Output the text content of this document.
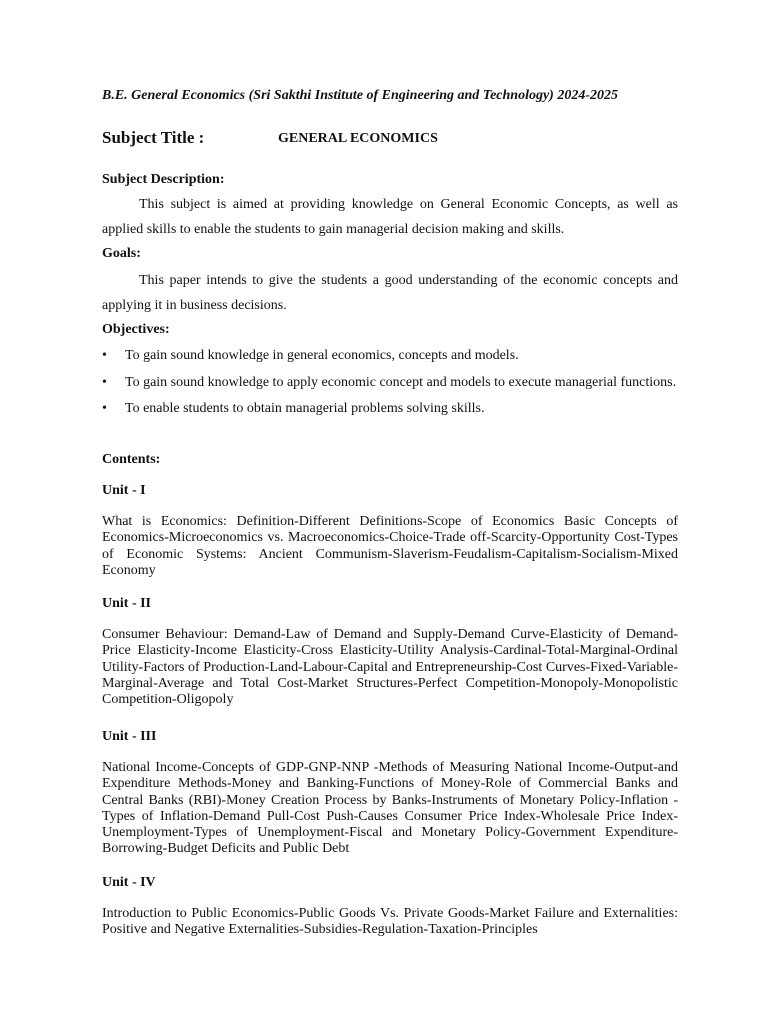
B.E. General Economics (Sri Sakthi Institute of Engineering and Technology) 2024-2025
Subject Title :	GENERAL ECONOMICS
Subject Description:
This subject is aimed at providing knowledge on General Economic Concepts, as well as applied skills to enable the students to gain managerial decision making and skills.
Goals:
This paper intends to give the students a good understanding of the economic concepts and applying it in business decisions.
Objectives:
• To gain sound knowledge in general economics, concepts and models.
• To gain sound knowledge to apply economic concept and models to execute managerial functions.
• To enable students to obtain managerial problems solving skills.
Contents:
Unit - I
What is Economics: Definition-Different Definitions-Scope of Economics Basic Concepts of Economics-Microeconomics vs. Macroeconomics-Choice-Trade off-Scarcity-Opportunity Cost-Types of Economic Systems: Ancient Communism-Slaverism-Feudalism-Capitalism-Socialism-Mixed Economy
Unit - II
Consumer Behaviour: Demand-Law of Demand and Supply-Demand Curve-Elasticity of Demand-Price Elasticity-Income Elasticity-Cross Elasticity-Utility Analysis-Cardinal-Total-Marginal-Ordinal Utility-Factors of Production-Land-Labour-Capital and Entrepreneurship-Cost Curves-Fixed-Variable-Marginal-Average and Total Cost-Market Structures-Perfect Competition-Monopoly-Monopolistic Competition-Oligopoly
Unit - III
National Income-Concepts of GDP-GNP-NNP -Methods of Measuring National Income-Output-and Expenditure Methods-Money and Banking-Functions of Money-Role of Commercial Banks and Central Banks (RBI)-Money Creation Process by Banks-Instruments of Monetary Policy-Inflation -Types of Inflation-Demand Pull-Cost Push-Causes Consumer Price Index-Wholesale Price Index- Unemployment-Types of Unemployment-Fiscal and Monetary Policy-Government Expenditure-Borrowing-Budget Deficits and Public Debt
Unit - IV
Introduction to Public Economics-Public Goods Vs. Private Goods-Market Failure and Externalities: Positive and Negative Externalities-Subsidies-Regulation-Taxation-Principles
